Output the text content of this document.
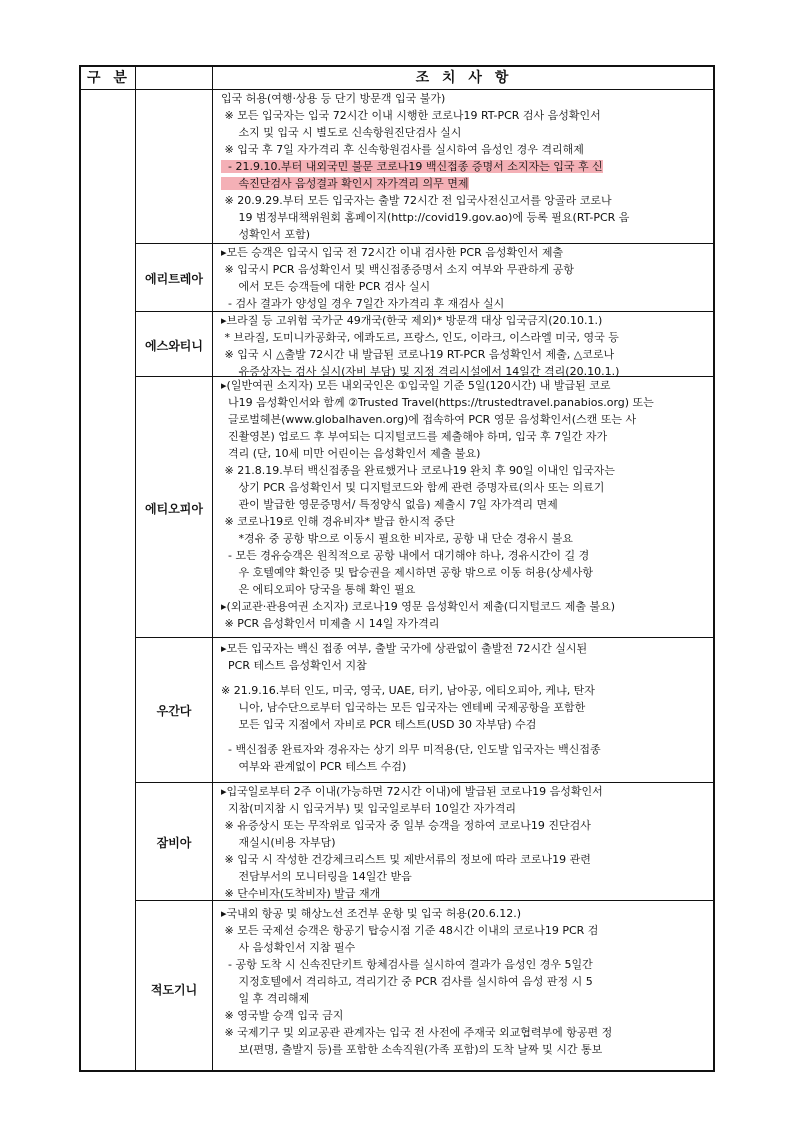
구 분	조 치 사 항
에리트레아
에스와티니
에티오피아
우간다
잠비아
적도기니

입국 허용(여행·상용 등 단기 방문객 입국 불가)

※ 모든 입국자는 입국 72시간 이내 시행한 코로나19 RT-PCR 검사 음성확인서

소지 및 입국 시 별도로 신속항원진단검사 실시

※ 입국 후 7일 자가격리 후 신속항원검사를 실시하여 음성인 경우 격리해제

- 21.9.10.부터 내외국민 불문 코로나19 백신접종 증명서 소지자는 입국 후 신

속진단검사 음성결과 확인시 자가격리 의무 면제

※ 20.9.29.부터 모든 입국자는 출발 72시간 전 입국사전신고서를 앙골라 코로나

19 범정부대책위원회 홈페이지(http://covid19.gov.ao)에 등록 필요(RT-PCR 음

성확인서 포함)

▸모든 승객은 입국시 입국 전 72시간 이내 검사한 PCR 음성확인서 제출

※ 입국시 PCR 음성확인서 및 백신접종증명서 소지 여부와 무관하게 공항

에서 모든 승객들에 대한 PCR 검사 실시

- 검사 결과가 양성일 경우 7일간 자가격리 후 재검사 실시

▸브라질 등 고위험 국가군 49개국(한국 제외)* 방문객 대상 입국금지(20.10.1.)

* 브라질, 도미니카공화국, 에콰도르, 프랑스, 인도, 이라크, 이스라엘 미국, 영국 등

※ 입국 시 △출발 72시간 내 발급된 코로나19 RT-PCR 음성확인서 제출, △코로나

유증상자는 검사 실시(자비 부담) 및 지정 격리시설에서 14일간 격리(20.10.1.)

▸(일반여권 소지자) 모든 내외국인은 ①입국일 기준 5일(120시간) 내 발급된 코로

나19 음성확인서와 함께 ②Trusted Travel(https://trustedtravel.panabios.org) 또는

글로벌헤븐(www.globalhaven.org)에 접속하여 PCR 영문 음성확인서(스캔 또는 사

진촬영본) 업로드 후 부여되는 디지털코드를 제출해야 하며, 입국 후 7일간 자가

격리 (단, 10세 미만 어린이는 음성확인서 제출 불요)

※ 21.8.19.부터 백신접종을 완료했거나 코로나19 완치 후 90일 이내인 입국자는

상기 PCR 음성확인서 및 디지털코드와 함께 관련 증명자료(의사 또는 의료기

관이 발급한 영문증명서/ 특정양식 없음) 제출시 7일 자가격리 면제

※ 코로나19로 인해 경유비자* 발급 한시적 중단

*경유 중 공항 밖으로 이동시 필요한 비자로, 공항 내 단순 경유시 불요

- 모든 경유승객은 원칙적으로 공항 내에서 대기해야 하나, 경유시간이 길 경

우 호텔예약 확인증 및 탑승권을 제시하면 공항 밖으로 이동 허용(상세사항

은 에티오피아 당국을 통해 확인 필요

▸(외교관·관용여권 소지자) 코로나19 영문 음성확인서 제출(디지털코드 제출 불요)

※ PCR 음성확인서 미제출 시 14일 자가격리

▸모든 입국자는 백신 접종 여부, 출발 국가에 상관없이 출발전 72시간 실시된

PCR 테스트 음성확인서 지참

※ 21.9.16.부터 인도, 미국, 영국, UAE, 터키, 남아공, 에티오피아, 케냐, 탄자

니아, 남수단으로부터 입국하는 모든 입국자는 엔테베 국제공항을 포함한

모든 입국 지점에서 자비로 PCR 테스트(USD 30 자부담) 수검

- 백신접종 완료자와 경유자는 상기 의무 미적용(단, 인도발 입국자는 백신접종

여부와 관계없이 PCR 테스트 수검)

▸입국일로부터 2주 이내(가능하면 72시간 이내)에 발급된 코로나19 음성확인서

지참(미지참 시 입국거부) 및 입국일로부터 10일간 자가격리

※ 유증상시 또는 무작위로 입국자 중 일부 승객을 정하여 코로나19 진단검사

재실시(비용 자부담)

※ 입국 시 작성한 건강체크리스트 및 제반서류의 정보에 따라 코로나19 관련

전담부서의 모니터링을 14일간 받음

※ 단수비자(도착비자) 발급 재개

▸국내외 항공 및 해상노선 조건부 운항 및 입국 허용(20.6.12.)

※ 모든 국제선 승객은 항공기 탑승시점 기준 48시간 이내의 코로나19 PCR 검

사 음성확인서 지참 필수

- 공항 도착 시 신속진단키트 항체검사를 실시하여 결과가 음성인 경우 5일간

지정호텔에서 격리하고, 격리기간 중 PCR 검사를 실시하여 음성 판정 시 5

일 후 격리해제

※ 영국발 승객 입국 금지

※ 국제기구 및 외교공관 관계자는 입국 전 사전에 주재국 외교협력부에 항공편 정

보(편명, 출발지 등)를 포함한 소속직원(가족 포함)의 도착 날짜 및 시간 통보
